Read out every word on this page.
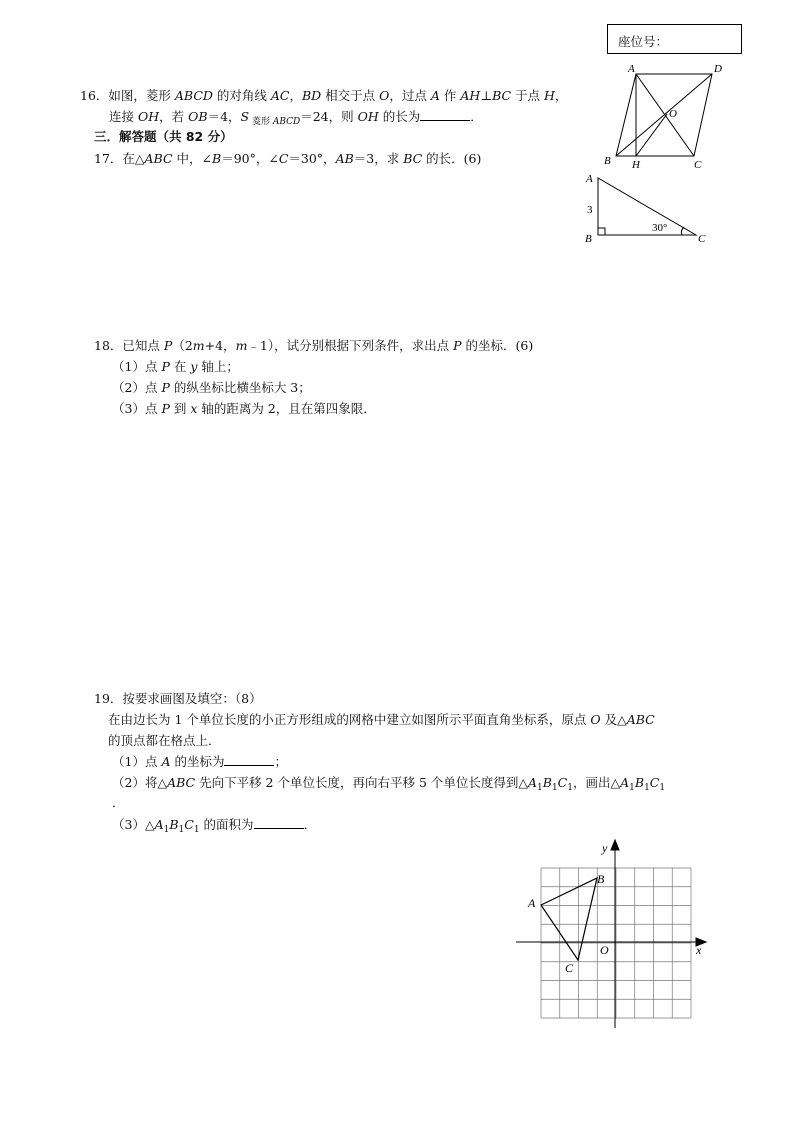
座位号：
16．如图，菱形 ABCD 的对角线 AC，BD 相交于点 O，过点 A 作 AH⊥BC 于点 H，
连接 OH，若 OB＝4，S $_{菱形}$ $_{ABCD}$＝24，则 OH 的长为	．
A	D
O
B H	C
三．解答题（共 82 分）
17．在△ABC 中，∠B＝90°，∠C＝30°，AB＝3，求 BC 的长．(6)
A
B	C
3
30°
18．已知点 P（2m+4，m﹣1），试分别根据下列条件，求出点 P 的坐标．(6)
（1）点 P 在 y 轴上；
（2）点 P 的纵坐标比横坐标大 3；
（3）点 P 到 x 轴的距离为 2，且在第四象限．
19．按要求画图及填空：（8）
在由边长为 1 个单位长度的小正方形组成的网格中建立如图所示平面直角坐标系，原点 O 及△ABC
的顶点都在格点上．
（1）点 A 的坐标为	；
（2）将△ABC 先向下平移 2 个单位长度，再向右平移 5 个单位长度得到$\triangle A_1B_1C_1$，画出$\triangle A_1B_1C_1$
．
$(3)\triangle A_1B_1C_1$ 的面积为	．
y
x
O
A
B
C
